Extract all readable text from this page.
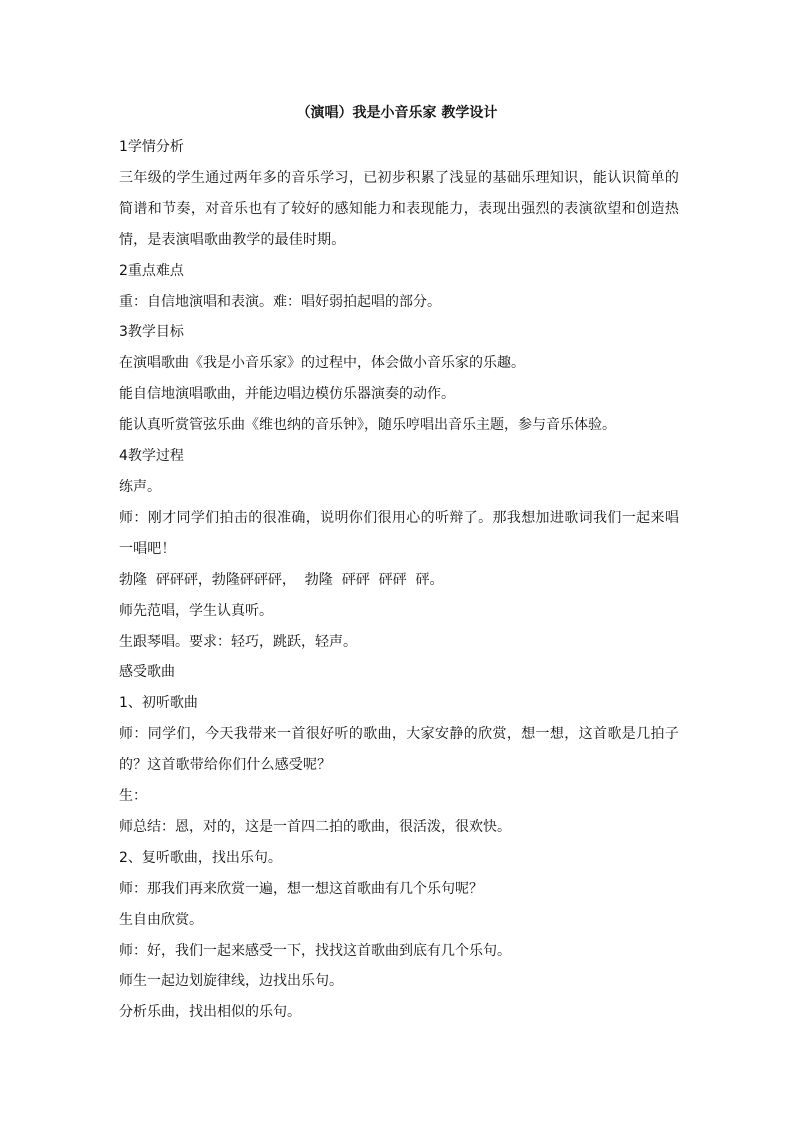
（演唱）我是小音乐家 教学设计

1学情分析

三年级的学生通过两年多的音乐学习，已初步积累了浅显的基础乐理知识，能认识简单的简谱和节奏，对音乐也有了较好的感知能力和表现能力，表现出强烈的表演欲望和创造热情，是表演唱歌曲教学的最佳时期。

2重点难点

重：自信地演唱和表演。难：唱好弱拍起唱的部分。

3教学目标

在演唱歌曲《我是小音乐家》的过程中，体会做小音乐家的乐趣。

能自信地演唱歌曲，并能边唱边模仿乐器演奏的动作。

能认真听赏管弦乐曲《维也纳的音乐钟》，随乐哼唱出音乐主题，参与音乐体验。

4教学过程

练声。

师：刚才同学们拍击的很准确，说明你们很用心的听辩了。那我想加进歌词我们一起来唱一唱吧！

勃隆  砰砰砰，勃隆砰砰砰，  勃隆  砰砰  砰砰  砰。

师先范唱，学生认真听。

生跟琴唱。要求：轻巧，跳跃，轻声。

感受歌曲

1、初听歌曲

师：同学们，今天我带来一首很好听的歌曲，大家安静的欣赏，想一想，这首歌是几拍子的？这首歌带给你们什么感受呢？

生：

师总结：恩，对的，这是一首四二拍的歌曲，很活泼，很欢快。

2、复听歌曲，找出乐句。

师：那我们再来欣赏一遍，想一想这首歌曲有几个乐句呢？

生自由欣赏。

师：好，我们一起来感受一下，找找这首歌曲到底有几个乐句。

师生一起边划旋律线，边找出乐句。

分析乐曲，找出相似的乐句。
